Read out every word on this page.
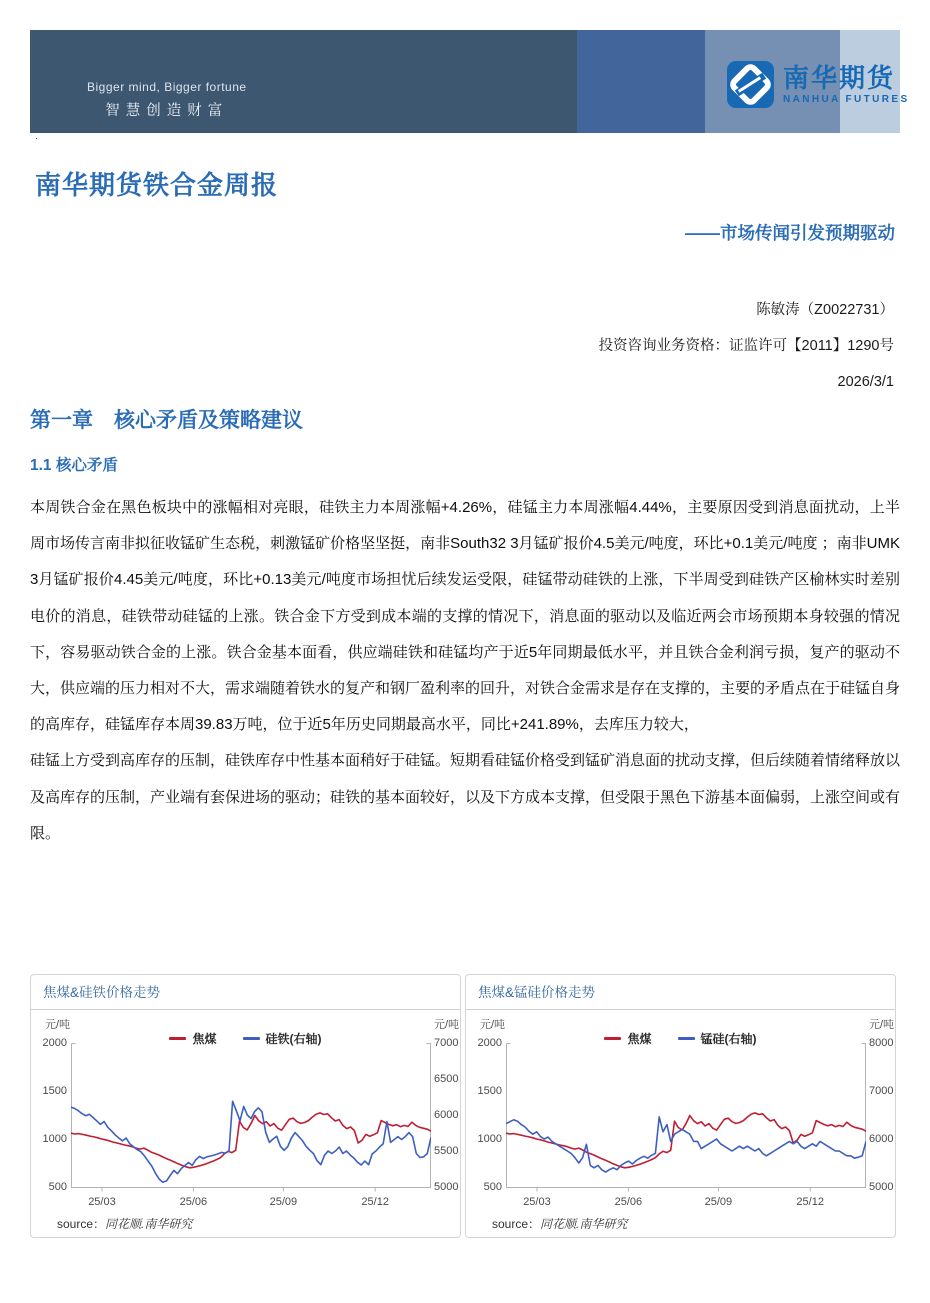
Bigger mind, Bigger fortune
智慧创造财富
南华期货
NANHUA FUTURES
·
南华期货铁合金周报
——市场传闻引发预期驱动
陈敏涛（Z0022731）
投资咨询业务资格：证监许可【2011】1290号
2026/3/1
第一章　核心矛盾及策略建议
1.1 核心矛盾

本周铁合金在黑色板块中的涨幅相对亮眼，硅铁主力本周涨幅+4.26%，硅锰主力本周涨幅4.44%，主要原因受到消息面扰动，上半周市场传言南非拟征收锰矿生态税，刺激锰矿价格坚坚挺，南非South32 3月锰矿报价4.5美元/吨度，环比+0.1美元/吨度 ；南非UMK 3月锰矿报价4.45美元/吨度，环比+0.13美元/吨度市场担忧后续发运受限，硅锰带动硅铁的上涨，下半周受到硅铁产区榆林实时差别电价的消息，硅铁带动硅锰的上涨。铁合金下方受到成本端的支撑的情况下，消息面的驱动以及临近两会市场预期本身较强的情况下，容易驱动铁合金的上涨。铁合金基本面看，供应端硅铁和硅锰均产于近5年同期最低水平，并且铁合金利润亏损，复产的驱动不大，供应端的压力相对不大，需求端随着铁水的复产和钢厂盈利率的回升，对铁合金需求是存在支撑的，主要的矛盾点在于硅锰自身的高库存，硅锰库存本周39.83万吨，位于近5年历史同期最高水平，同比+241.89%，去库压力较大，

硅锰上方受到高库存的压制，硅铁库存中性基本面稍好于硅锰。短期看硅锰价格受到锰矿消息面的扰动支撑，但后续随着情绪释放以及高库存的压制，产业端有套保进场的驱动；硅铁的基本面较好，以及下方成本支撑，但受限于黑色下游基本面偏弱，上涨空间或有限。

焦煤&硅铁价格走势
元/吨	元/吨
焦煤	硅铁(右轴)
2000
1500
1000
500
7000
6500
6000
5500
5000
25/03	25/06	25/09	25/12
source：同花顺.南华研究
焦煤&锰硅价格走势
元/吨	元/吨
焦煤	锰硅(右轴)
2000
1500
1000
500
8000
7000
6000
5000
25/03	25/06	25/09	25/12
source：同花顺.南华研究
